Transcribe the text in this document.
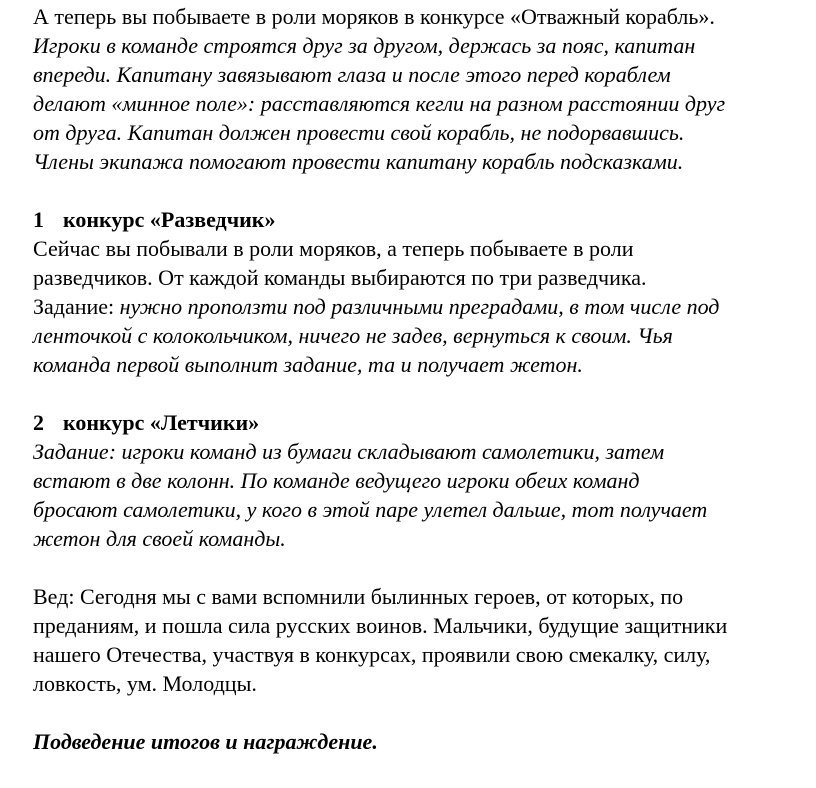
А теперь вы побываете в роли моряков в конкурсе «Отважный корабль».
Игроки в команде строятся друг за другом, держась за пояс, капитан
впереди. Капитану завязывают глаза и после этого перед кораблем
делают «минное поле»: расставляются кегли на разном расстоянии друг
от друга. Капитан должен провести свой корабль, не подорвавшись.
Члены экипажа помогают провести капитану корабль подсказками.
1 конкурс «Разведчик»
Сейчас вы побывали в роли моряков, а теперь побываете в роли
разведчиков. От каждой команды выбираются по три разведчика.
Задание: нужно проползти под различными преградами, в том числе под
ленточкой с колокольчиком, ничего не задев, вернуться к своим. Чья
команда первой выполнит задание, та и получает жетон.
2 конкурс «Летчики»
Задание: игроки команд из бумаги складывают самолетики, затем
встают в две колонн. По команде ведущего игроки обеих команд
бросают самолетики, у кого в этой паре улетел дальше, тот получает
жетон для своей команды.
Вед: Сегодня мы с вами вспомнили былинных героев, от которых, по
преданиям, и пошла сила русских воинов. Мальчики, будущие защитники
нашего Отечества, участвуя в конкурсах, проявили свою смекалку, силу,
ловкость, ум. Молодцы.
Подведение итогов и награждение.
